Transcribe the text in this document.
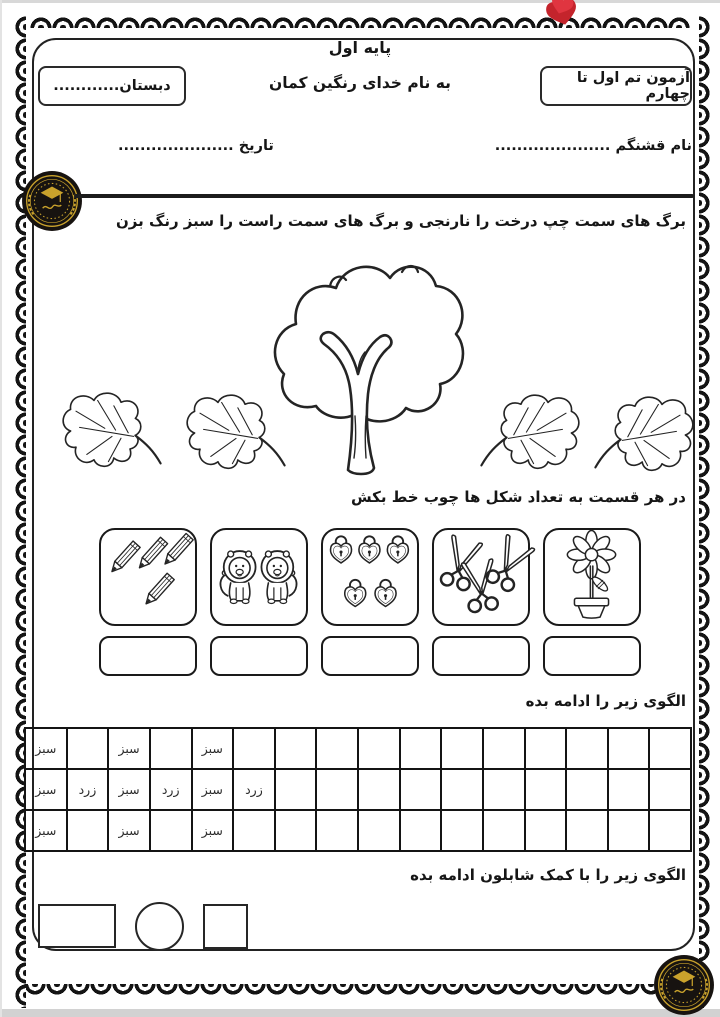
پایه اول
آزمون تم اول تا چهارم
به نام خدای رنگین کمان
دبستان............
نام قشنگم .....................
تاریخ .....................
برگ های سمت چپ درخت را نارنجی و برگ های سمت راست را سبز رنگ بزن
در هر قسمت به تعداد شکل ها چوب خط بکش
الگوی زیر را ادامه بده
سبز		سبز		سبز											
سبز	زرد	سبز	زرد	سبز	زرد										
سبز		سبز		سبز											
الگوی زیر را با کمک شابلون ادامه بده
